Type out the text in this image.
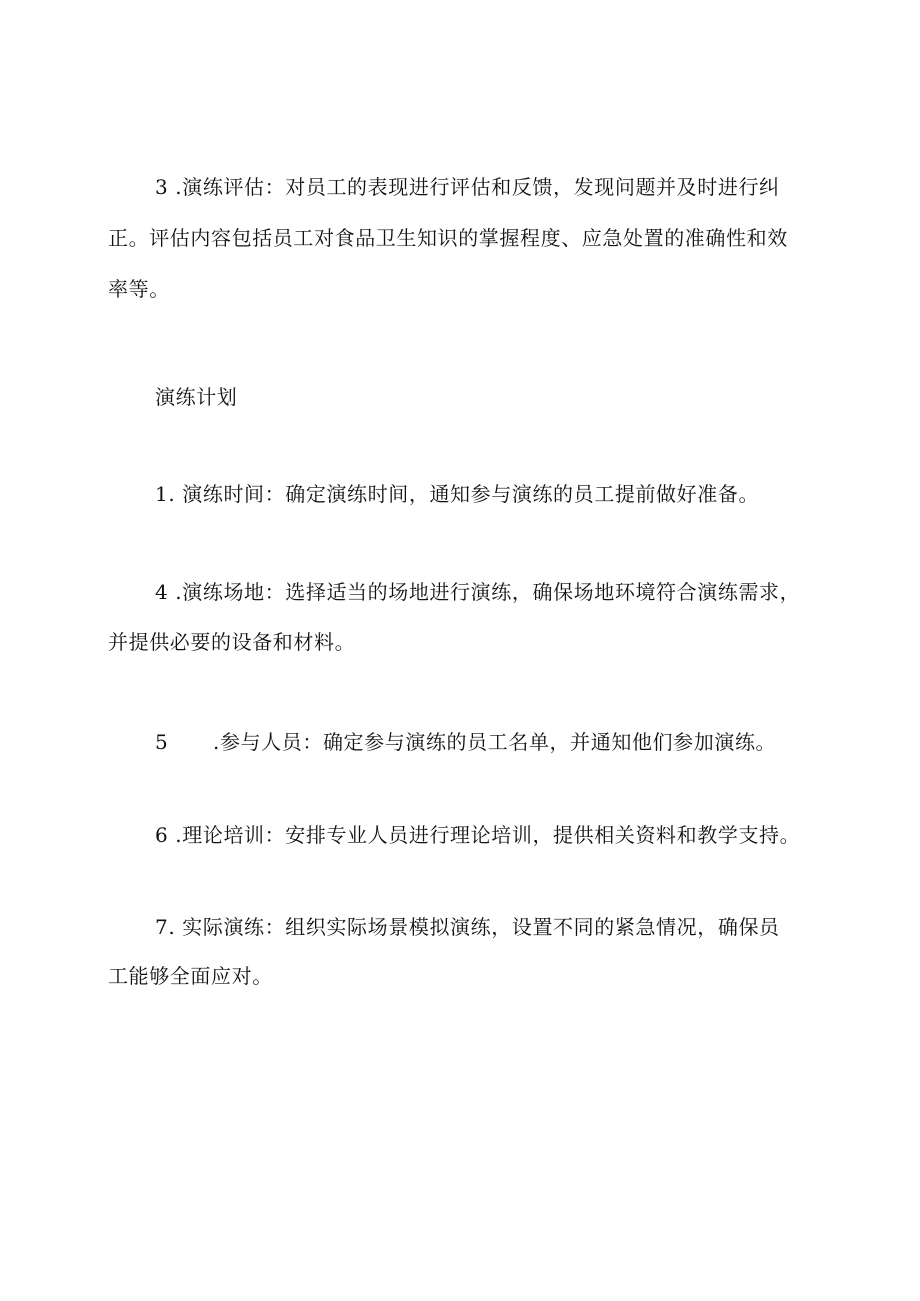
3 .演练评估：对员工的表现进行评估和反馈，发现问题并及时进行纠
正。评估内容包括员工对食品卫生知识的掌握程度、应急处置的准确性和效
率等。
演练计划
1. 演练时间：确定演练时间，通知参与演练的员工提前做好准备。
4 .演练场地：选择适当的场地进行演练，确保场地环境符合演练需求，
并提供必要的设备和材料。
5 .参与人员：确定参与演练的员工名单，并通知他们参加演练。
6 .理论培训：安排专业人员进行理论培训，提供相关资料和教学支持。
7. 实际演练：组织实际场景模拟演练，设置不同的紧急情况，确保员
工能够全面应对。
